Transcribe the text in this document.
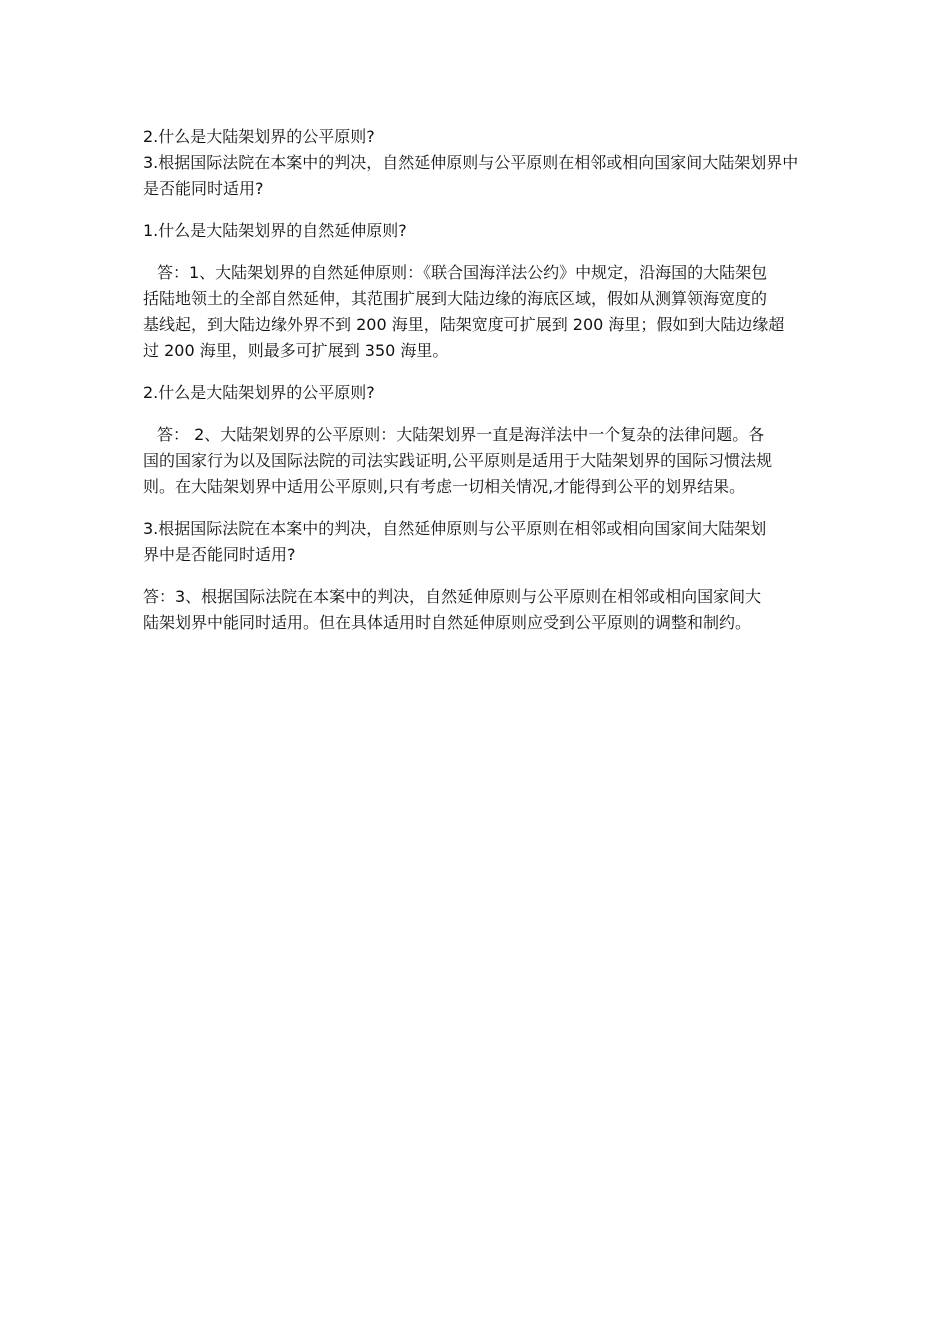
2.什么是大陆架划界的公平原则?
3.根据国际法院在本案中的判决，自然延伸原则与公平原则在相邻或相向国家间大陆架划界中
是否能同时适用?
1.什么是大陆架划界的自然延伸原则?
答：1、大陆架划界的自然延伸原则：《联合国海洋法公约》中规定，沿海国的大陆架包
括陆地领土的全部自然延伸，其范围扩展到大陆边缘的海底区域，假如从测算领海宽度的
基线起，到大陆边缘外界不到 200 海里，陆架宽度可扩展到 200 海里；假如到大陆边缘超
过 200 海里，则最多可扩展到 350 海里。
2.什么是大陆架划界的公平原则?
答： 2、大陆架划界的公平原则：大陆架划界一直是海洋法中一个复杂的法律问题。各
国的国家行为以及国际法院的司法实践证明,公平原则是适用于大陆架划界的国际习惯法规
则。在大陆架划界中适用公平原则,只有考虑一切相关情况,才能得到公平的划界结果。
3.根据国际法院在本案中的判决，自然延伸原则与公平原则在相邻或相向国家间大陆架划
界中是否能同时适用?
答：3、根据国际法院在本案中的判决，自然延伸原则与公平原则在相邻或相向国家间大
陆架划界中能同时适用。但在具体适用时自然延伸原则应受到公平原则的调整和制约。
